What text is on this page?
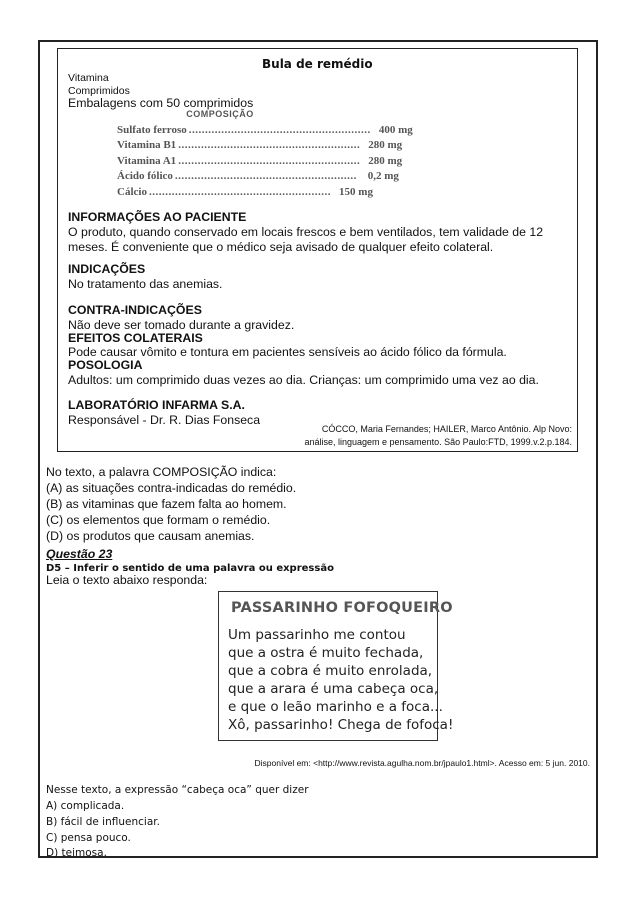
Bula de remédio
Vitamina
Comprimidos
Embalagens com 50 comprimidos
COMPOSIÇÃO
Sulfato ferroso ........................................................ 400 mg
Vitamina B1 ........................................................ 280 mg
Vitamina A1 ........................................................ 280 mg
Ácido fólico ........................................................ 0,2 mg
Cálcio ........................................................ 150 mg
INFORMAÇÕES AO PACIENTE
O produto, quando conservado em locais frescos e bem ventilados, tem validade de 12
meses. É conveniente que o médico seja avisado de qualquer efeito colateral.
INDICAÇÕES
No tratamento das anemias.
CONTRA-INDICAÇÕES
Não deve ser tomado durante a gravidez.
EFEITOS COLATERAIS
Pode causar vômito e tontura em pacientes sensíveis ao ácido fólico da fórmula.
POSOLOGIA
Adultos: um comprimido duas vezes ao dia. Crianças: um comprimido uma vez ao dia.
LABORATÓRIO INFARMA S.A.
Responsável - Dr. R. Dias Fonseca
CÓCCO, Maria Fernandes; HAILER, Marco Antônio. Alp Novo:
análise, linguagem e pensamento. São Paulo:FTD, 1999.v.2.p.184.
No texto, a palavra COMPOSIÇÃO indica:
(A) as situações contra-indicadas do remédio.
(B) as vitaminas que fazem falta ao homem.
(C) os elementos que formam o remédio.
(D) os produtos que causam anemias.
Questão 23
D5 – Inferir o sentido de uma palavra ou expressão
Leia o texto abaixo responda:
PASSARINHO FOFOQUEIRO
Um passarinho me contou
que a ostra é muito fechada,
que a cobra é muito enrolada,
que a arara é uma cabeça oca,
e que o leão marinho e a foca...
Xô, passarinho! Chega de fofoca!
Disponível em: <http://www.revista.agulha.nom.br/jpaulo1.html>. Acesso em: 5 jun. 2010.
Nesse texto, a expressão “cabeça oca” quer dizer
A) complicada.
B) fácil de influenciar.
C) pensa pouco.
D) teimosa.
